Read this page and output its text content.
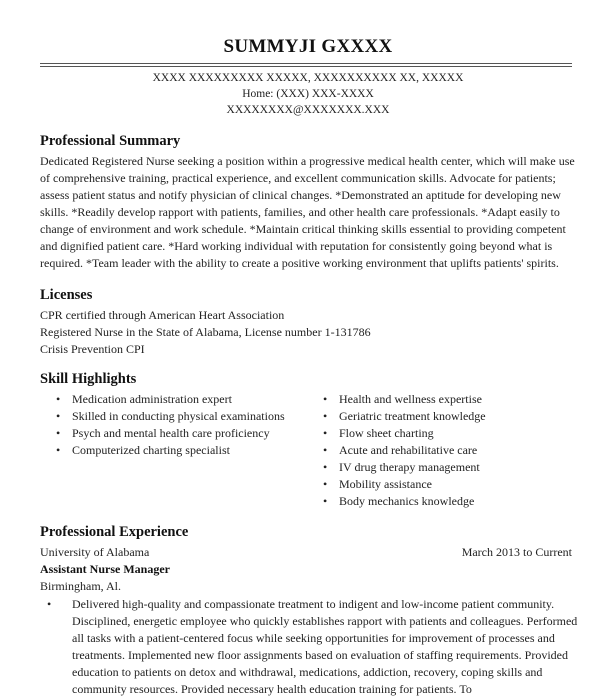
SUMMYJI GXXXX
XXXX XXXXXXXXX XXXXX, XXXXXXXXXX XX, XXXXX
Home: (XXX) XXX-XXXX
XXXXXXXX@XXXXXXX.XXX
Professional Summary
Dedicated Registered Nurse seeking a position within a progressive medical health center, which will make use of comprehensive training, practical experience, and excellent communication skills. Advocate for patients; assess patient status and notify physician of clinical changes. *Demonstrated an aptitude for developing new skills. *Readily develop rapport with patients, families, and other health care professionals. *Adapt easily to change of environment and work schedule. *Maintain critical thinking skills essential to providing competent and dignified patient care. *Hard working individual with reputation for consistently going beyond what is required. *Team leader with the ability to create a positive working environment that uplifts patients' spirits.
Licenses
CPR certified through American Heart Association
Registered Nurse in the State of Alabama, License number 1-131786
Crisis Prevention CPI
Skill Highlights
• Medication administration expert
• Skilled in conducting physical examinations
• Psych and mental health care proficiency
• Computerized charting specialist
• Health and wellness expertise
• Geriatric treatment knowledge
• Flow sheet charting
• Acute and rehabilitative care
• IV drug therapy management
• Mobility assistance
• Body mechanics knowledge
Professional Experience
University of Alabama	March 2013 to Current
Assistant Nurse Manager
Birmingham, Al.
• Delivered high-quality and compassionate treatment to indigent and low-income patient community. Disciplined, energetic employee who quickly establishes rapport with patients and colleagues. Performed all tasks with a patient-centered focus while seeking opportunities for improvement of processes and treatments. Implemented new floor assignments based on evaluation of staffing requirements. Provided education to patients on detox and withdrawal, medications, addiction, recovery, coping skills and community resources. Provided necessary health education training for patients. To
